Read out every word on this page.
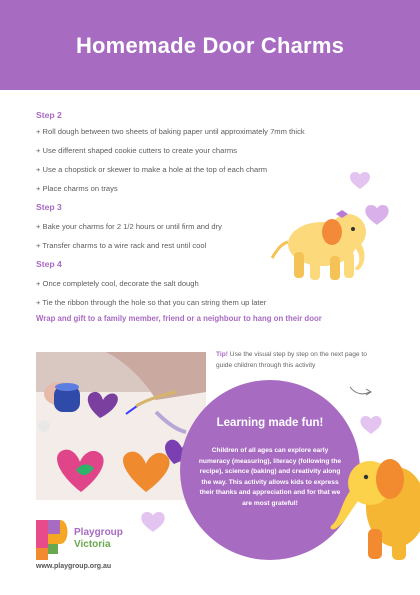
Homemade Door Charms
Step 2
+ Roll dough between two sheets of baking paper until approximately 7mm thick
+ Use different shaped cookie cutters to create your charms
+ Use a chopstick or skewer to make a hole at the top of each charm
+ Place charms on trays
Step 3
+ Bake your charms for 2 1/2 hours or until firm and dry
+ Transfer charms to a wire rack and rest until cool
Step 4
+ Once completely cool, decorate the salt dough
+ Tie the ribbon through the hole so that you can string them up later
Wrap and gift to a family member, friend or a neighbour to hang on their door
Tip! Use the visual step by step on the next page to guide children through this activity
Learning made fun!
Children of all ages can explore early numeracy (measuring), literacy (following the recipe), science (baking) and creativity along the way. This activity allows kids to express their thanks and appreciation and for that we are most grateful!
Playgroup
Victoria
www.playgroup.org.au
